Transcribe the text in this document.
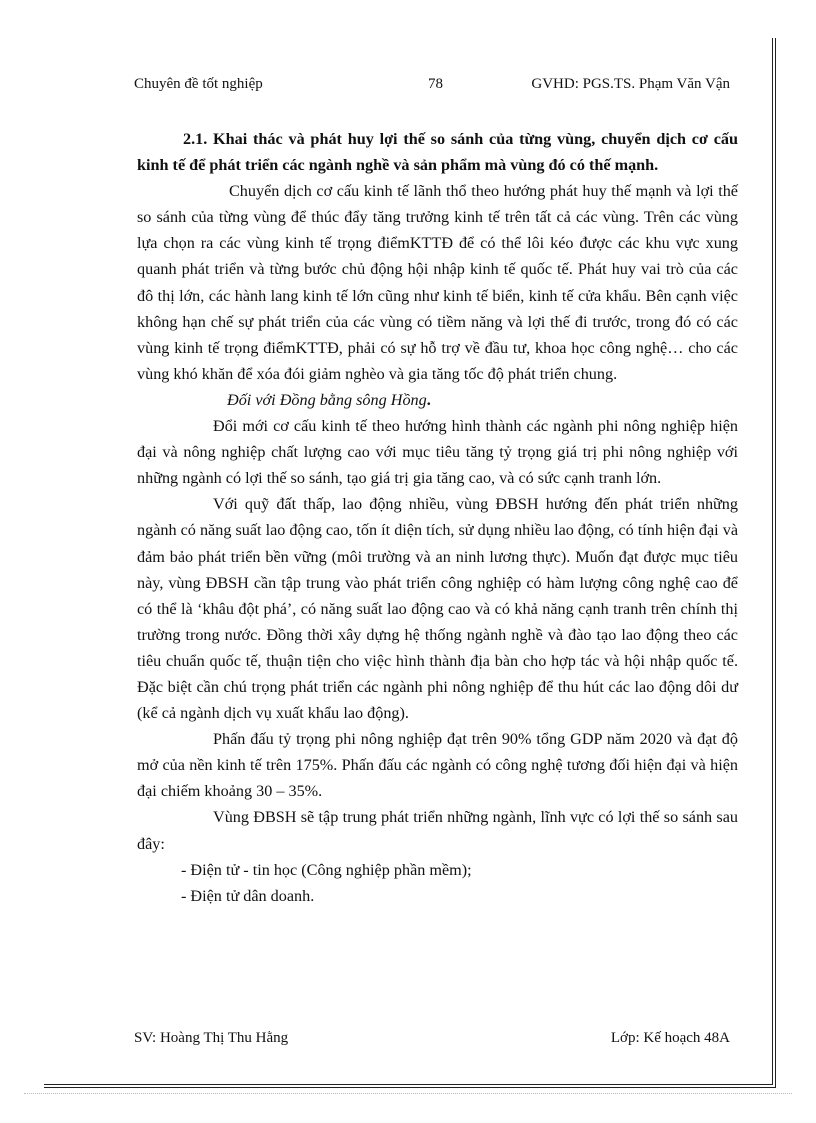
Chuyên đề tốt nghiệp	78	GVHD: PGS.TS. Phạm Văn Vận

2.1. Khai thác và phát huy lợi thế so sánh của từng vùng, chuyển dịch cơ cấu kinh tế để phát triển các ngành nghề và sản phẩm mà vùng đó có thế mạnh.

Chuyển dịch cơ cấu kinh tế lãnh thổ theo hướng phát huy thế mạnh và lợi thế so sánh của từng vùng để thúc đẩy tăng trưởng kinh tế trên tất cả các vùng. Trên các vùng lựa chọn ra các vùng kinh tế trọng điểmKTTĐ để có thể lôi kéo được các khu vực xung quanh phát triển và từng bước chủ động hội nhập kinh tế quốc tế. Phát huy vai trò của các đô thị lớn, các hành lang kinh tế lớn cũng như kinh tế biển, kinh tế cửa khẩu. Bên cạnh việc không hạn chế sự phát triển của các vùng có tiềm năng và lợi thế đi trước, trong đó có các vùng kinh tế trọng điểmKTTĐ, phải có sự hỗ trợ về đầu tư, khoa học công nghệ… cho các vùng khó khăn để xóa đói giảm nghèo và gia tăng tốc độ phát triển chung.

Đối với Đồng bằng sông Hồng.

Đổi mới cơ cấu kinh tế theo hướng hình thành các ngành phi nông nghiệp hiện đại và nông nghiệp chất lượng cao với mục tiêu tăng tỷ trọng giá trị phi nông nghiệp với những ngành có lợi thế so sánh, tạo giá trị gia tăng cao, và có sức cạnh tranh lớn.

Với quỹ đất thấp, lao động nhiều, vùng ĐBSH hướng đến phát triển những ngành có năng suất lao động cao, tốn ít diện tích, sử dụng nhiều lao động, có tính hiện đại và đảm bảo phát triển bền vững (môi trường và an ninh lương thực). Muốn đạt được mục tiêu này, vùng ĐBSH cần tập trung vào phát triển công nghiệp có hàm lượng công nghệ cao để có thể là ‘khâu đột phá’, có năng suất lao động cao và có khả năng cạnh tranh trên chính thị trường trong nước. Đồng thời xây dựng hệ thống ngành nghề và đào tạo lao động theo các tiêu chuẩn quốc tế, thuận tiện cho việc hình thành địa bàn cho hợp tác và hội nhập quốc tế. Đặc biệt cần chú trọng phát triển các ngành phi nông nghiệp để thu hút các lao động dôi dư (kể cả ngành dịch vụ xuất khẩu lao động).

Phấn đấu tỷ trọng phi nông nghiệp đạt trên 90% tổng GDP năm 2020 và đạt độ mở của nền kinh tế trên 175%. Phấn đấu các ngành có công nghệ tương đối hiện đại và hiện đại chiếm khoảng 30 – 35%.

Vùng ĐBSH sẽ tập trung phát triển những ngành, lĩnh vực có lợi thế so sánh sau đây:

- Điện tử - tin học (Công nghiệp phần mềm);

- Điện tử dân doanh.

SV: Hoàng Thị Thu Hằng	Lớp: Kế hoạch 48A
